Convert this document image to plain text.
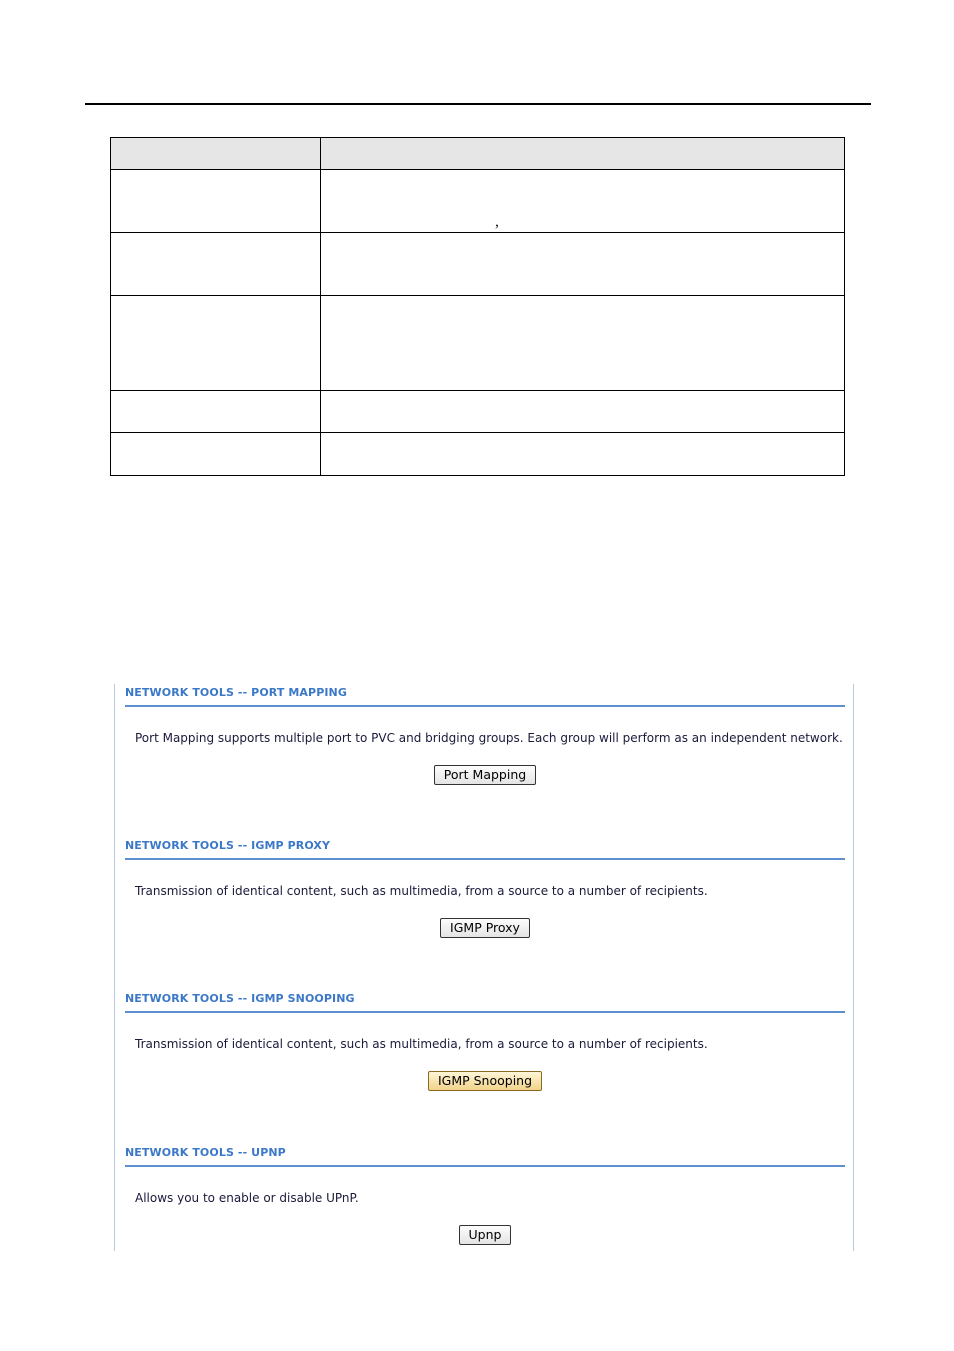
,
NETWORK TOOLS -- PORT MAPPING
Port Mapping supports multiple port to PVC and bridging groups. Each group will perform as an independent network.
Port Mapping
NETWORK TOOLS -- IGMP PROXY
Transmission of identical content, such as multimedia, from a source to a number of recipients.
IGMP Proxy
NETWORK TOOLS -- IGMP SNOOPING
Transmission of identical content, such as multimedia, from a source to a number of recipients.
IGMP Snooping
NETWORK TOOLS -- UPNP
Allows you to enable or disable UPnP.
Upnp
